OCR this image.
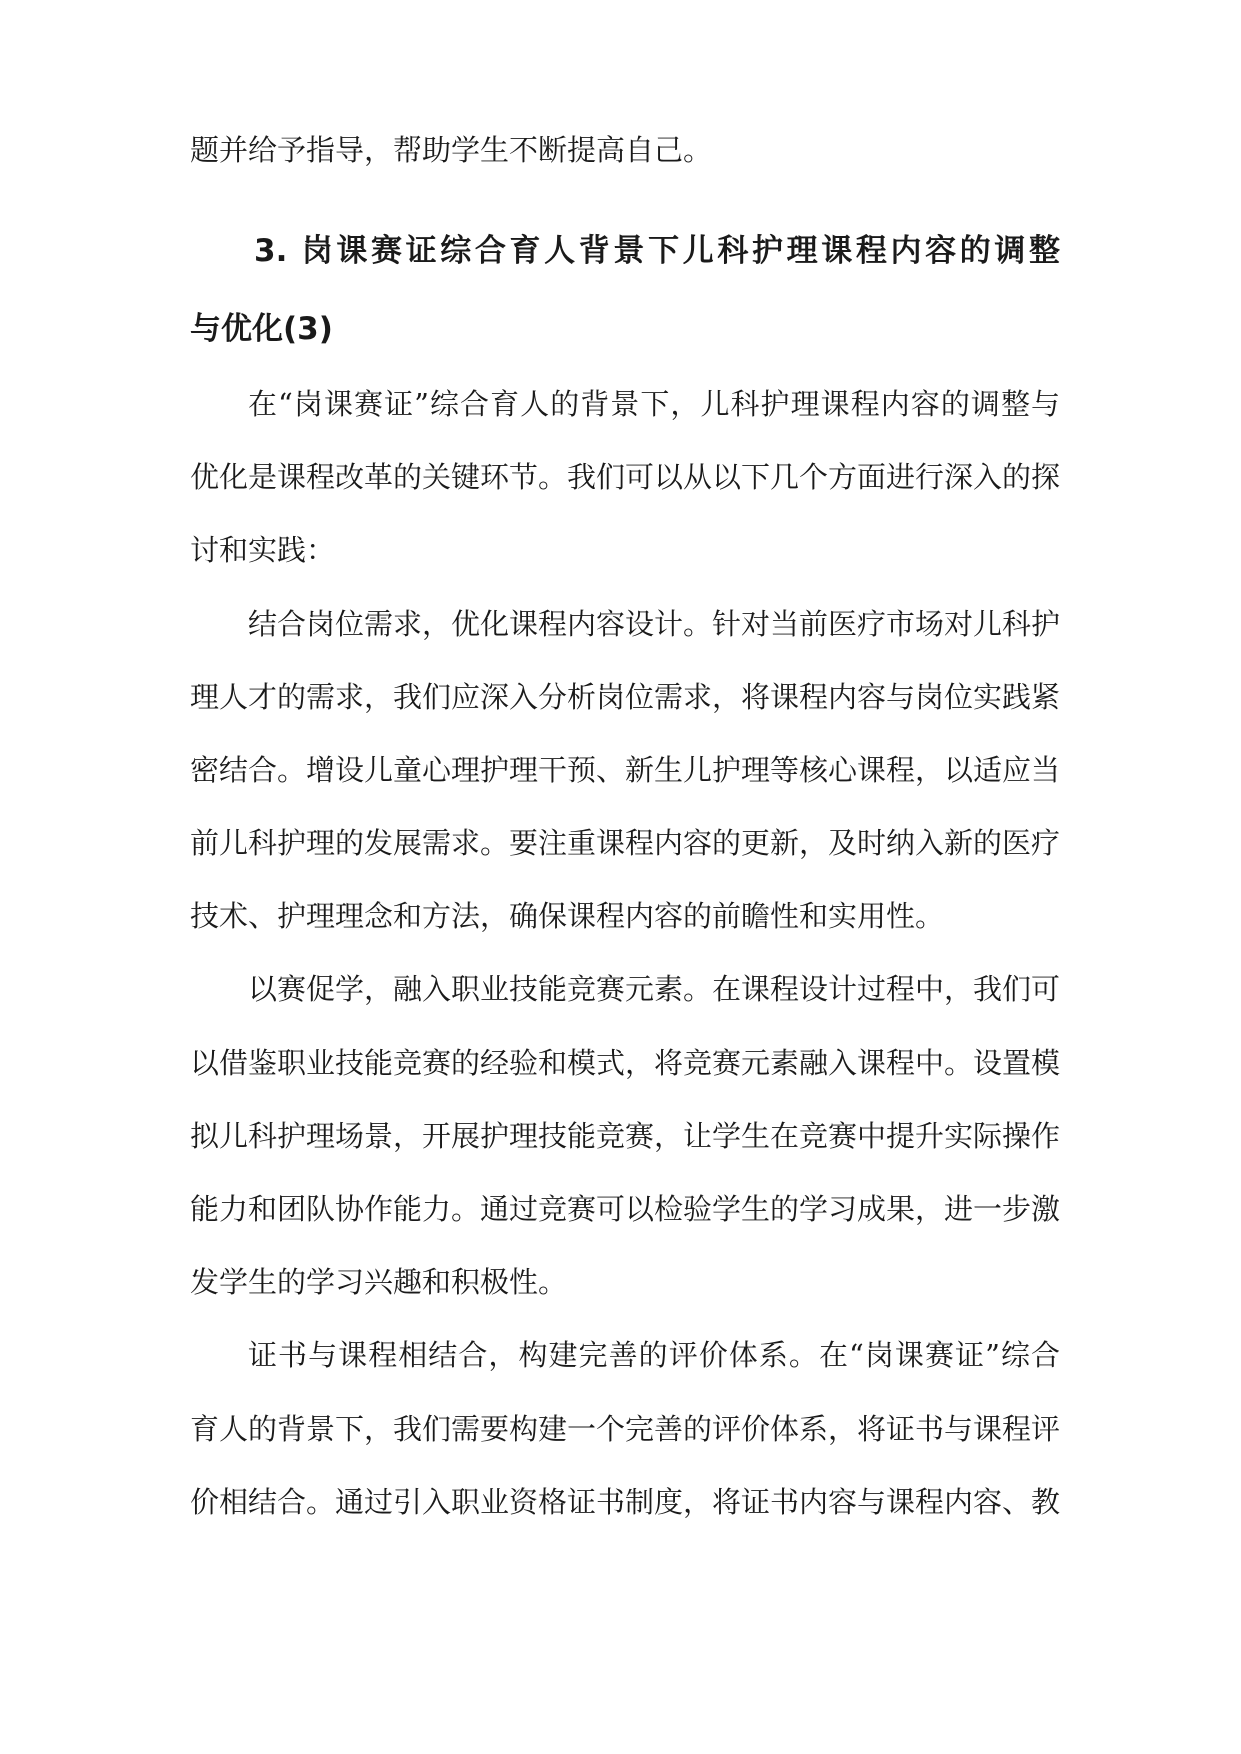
题并给予指导，帮助学生不断提高自己。
3. 岗课赛证综合育人背景下儿科护理课程内容的调整
与优化(3)
在“岗课赛证”综合育人的背景下，儿科护理课程内容的调整与
优化是课程改革的关键环节。我们可以从以下几个方面进行深入的探
讨和实践：
结合岗位需求，优化课程内容设计。针对当前医疗市场对儿科护
理人才的需求，我们应深入分析岗位需求，将课程内容与岗位实践紧
密结合。增设儿童心理护理干预、新生儿护理等核心课程，以适应当
前儿科护理的发展需求。要注重课程内容的更新，及时纳入新的医疗
技术、护理理念和方法，确保课程内容的前瞻性和实用性。
以赛促学，融入职业技能竞赛元素。在课程设计过程中，我们可
以借鉴职业技能竞赛的经验和模式，将竞赛元素融入课程中。设置模
拟儿科护理场景，开展护理技能竞赛，让学生在竞赛中提升实际操作
能力和团队协作能力。通过竞赛可以检验学生的学习成果，进一步激
发学生的学习兴趣和积极性。
证书与课程相结合，构建完善的评价体系。在“岗课赛证”综合
育人的背景下，我们需要构建一个完善的评价体系，将证书与课程评
价相结合。通过引入职业资格证书制度，将证书内容与课程内容、教
